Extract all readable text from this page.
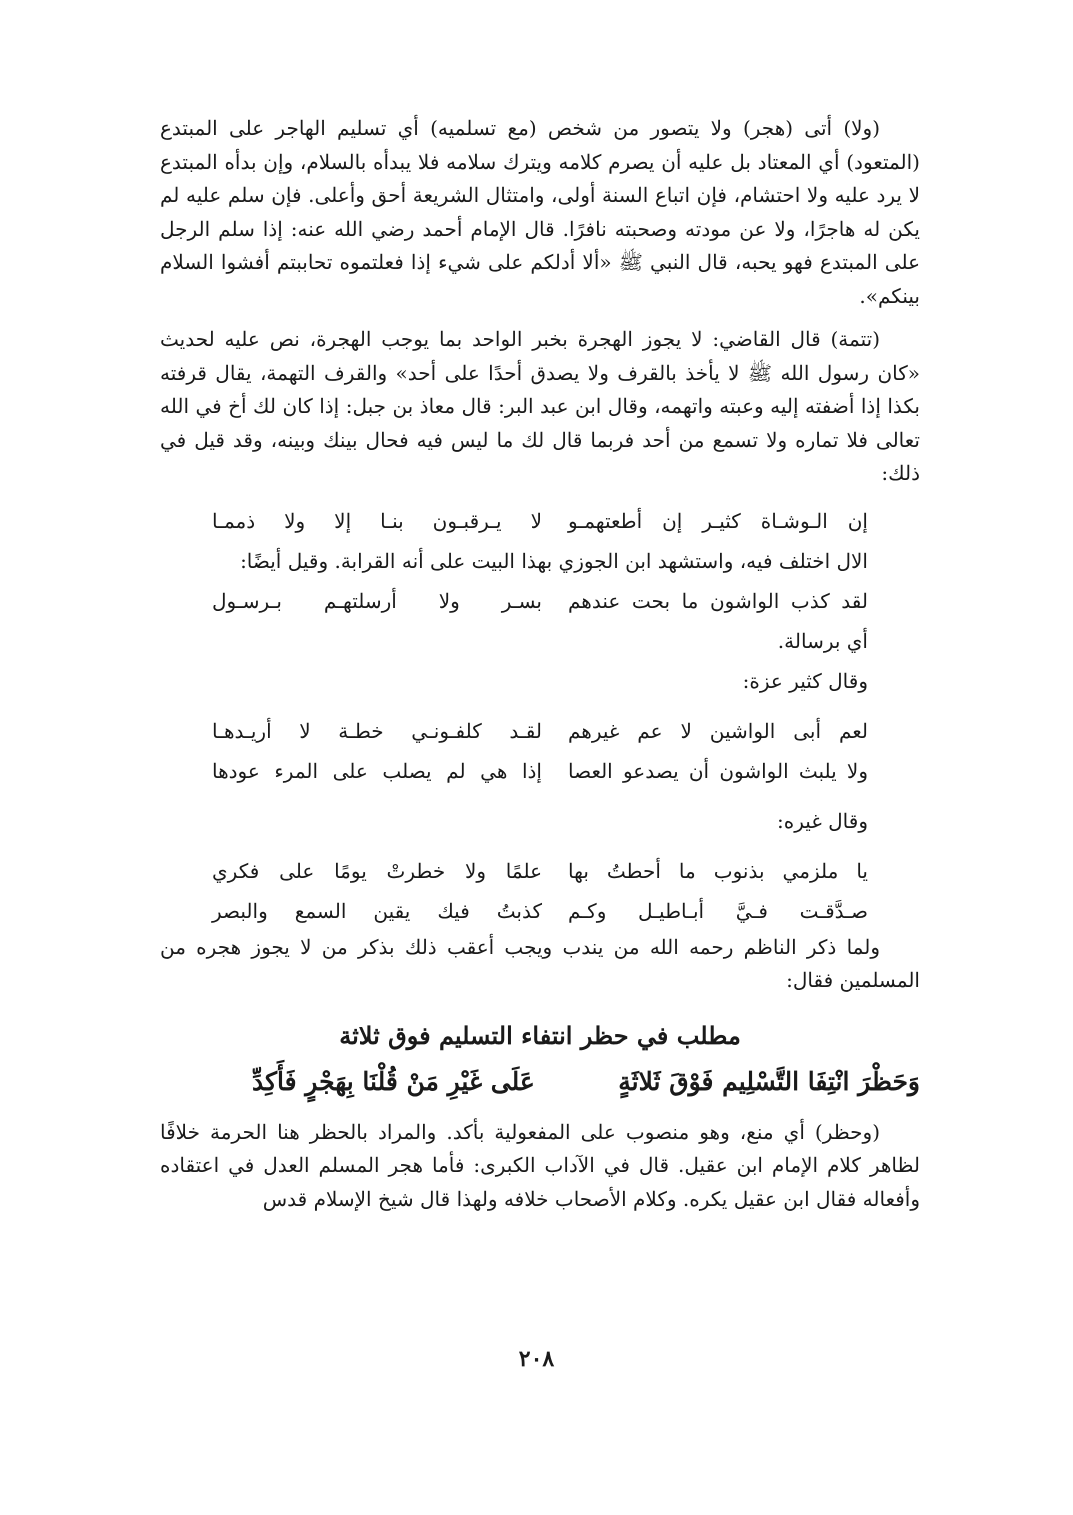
(ولا) أتى (هجر) ولا يتصور من شخص (مع تسلميه) أي تسليم الهاجر على المبتدع (المتعود) أي المعتاد بل عليه أن يصرم كلامه ويترك سلامه فلا يبدأه بالسلام، وإن بدأه المبتدع لا يرد عليه ولا احتشام، فإن اتباع السنة أولى، وامتثال الشريعة أحق وأعلى. فإن سلم عليه لم يكن له هاجرًا، ولا عن مودته وصحبته نافرًا. قال الإمام أحمد رضي الله عنه: إذا سلم الرجل على المبتدع فهو يحبه، قال النبي ﷺ «ألا أدلكم على شيء إذا فعلتموه تحاببتم أفشوا السلام بينكم».

(تتمة) قال القاضي: لا يجوز الهجرة بخبر الواحد بما يوجب الهجرة، نص عليه لحديث «كان رسول الله ﷺ لا يأخذ بالقرف ولا يصدق أحدًا على أحد» والقرف التهمة، يقال قرفته بكذا إذا أضفته إليه وعبته واتهمه، وقال ابن عبد البر: قال معاذ بن جبل: إذا كان لك أخ في الله تعالى فلا تماره ولا تسمع من أحد فربما قال لك ما ليس فيه فحال بينك وبينه، وقد قيل في ذلك:

إن الـوشـاة كثيـر إن أطعتهمـو
لا يـرقبـون بنـا إلا ولا ذممـا

الال اختلف فيه، واستشهد ابن الجوزي بهذا البيت على أنه القرابة. وقيل أيضًا:

لقد كذب الواشون ما بحت عندهم
بسـر ولا أرسلتهـم بـرسـول

أي برسالة.

وقال كثير عزة:

لعم أبى الواشين لا عم غيرهم
لقـد كلفـونـي خطـة لا أريـدهـا
ولا يلبث الواشون أن يصدعو العصا
إذا هي لم يصلب على المرء عودها

وقال غيره:

يا ملزمي بذنوب ما أحطتُ بها
علمًا ولا خطرتْ يومًا على فكري
صـدَّقـت فـيَّ أبـاطيـل وكـم
كذبتُ فيك يقين السمع والبصر

ولما ذكر الناظم رحمه الله من يندب ويجب أعقب ذلك بذكر من لا يجوز هجره من المسلمين فقال:

مطلب في حظر انتفاء التسليم فوق ثلاثة
وَحَظْرَ انْتِفَا التَّسْلِيم فَوْقَ ثَلاثَةٍ
عَلَى غَيْرِ مَنْ قُلْنَا بِهَجْرٍ فَأَكِدِّ

(وحظر) أي منع، وهو منصوب على المفعولية بأكد. والمراد بالحظر هنا الحرمة خلافًا لظاهر كلام الإمام ابن عقيل. قال في الآداب الكبرى: فأما هجر المسلم العدل في اعتقاده وأفعاله فقال ابن عقيل يكره. وكلام الأصحاب خلافه ولهذا قال شيخ الإسلام قدس

٢٠٨
